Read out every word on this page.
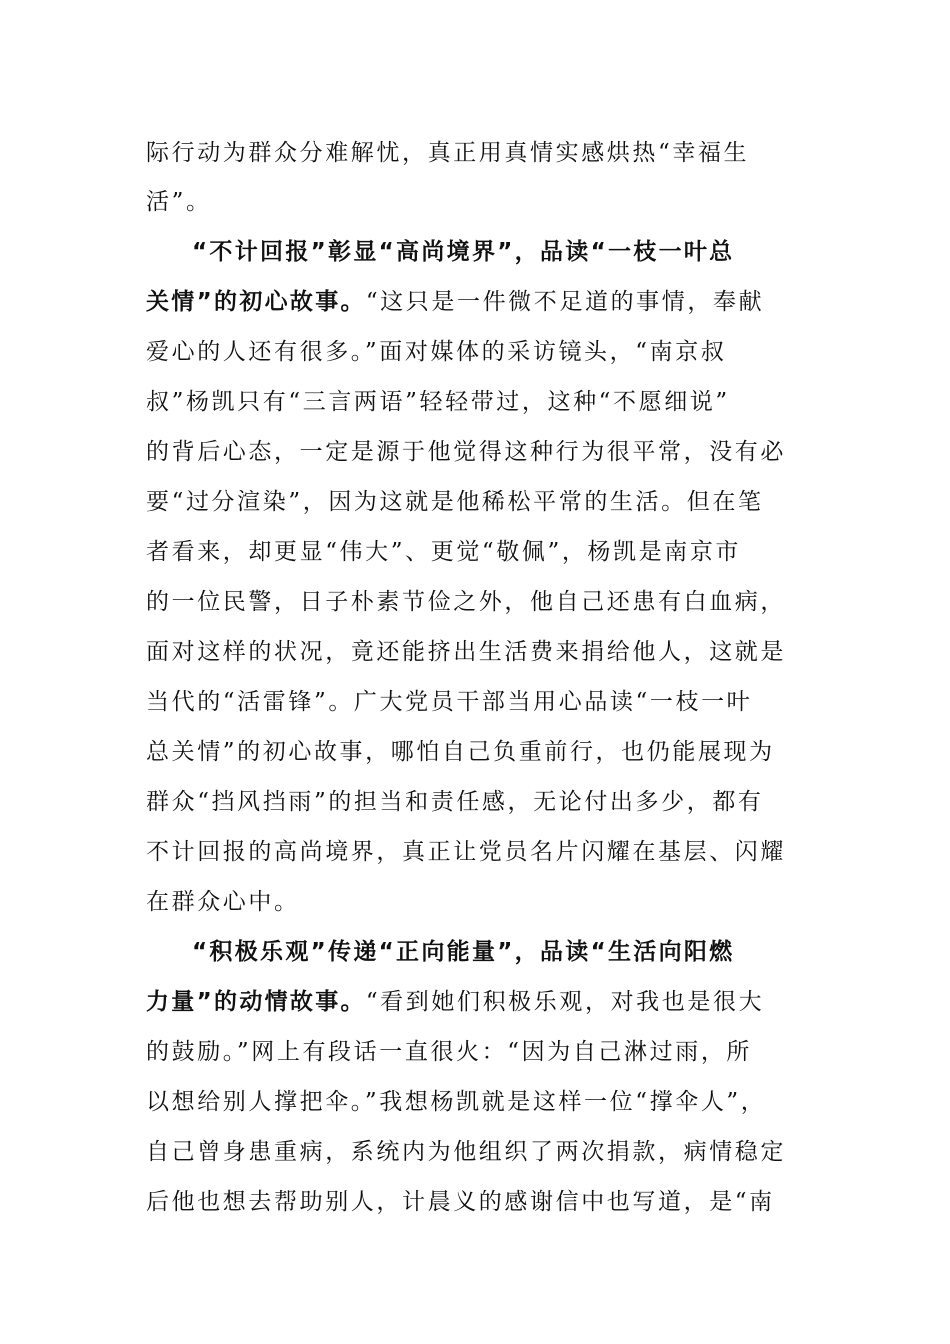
际行动为群众分难解忧，真正用真情实感烘热“幸福生
活”。
“不计回报”彰显“高尚境界”，品读“一枝一叶总
关情”的初心故事。“这只是一件微不足道的事情，奉献
爱心的人还有很多。”面对媒体的采访镜头，“南京叔
叔”杨凯只有“三言两语”轻轻带过，这种“不愿细说”
的背后心态，一定是源于他觉得这种行为很平常，没有必
要“过分渲染”，因为这就是他稀松平常的生活。但在笔
者看来，却更显“伟大”、更觉“敬佩”，杨凯是南京市
的一位民警，日子朴素节俭之外，他自己还患有白血病，
面对这样的状况，竟还能挤出生活费来捐给他人，这就是
当代的“活雷锋”。广大党员干部当用心品读“一枝一叶
总关情”的初心故事，哪怕自己负重前行，也仍能展现为
群众“挡风挡雨”的担当和责任感，无论付出多少，都有
不计回报的高尚境界，真正让党员名片闪耀在基层、闪耀
在群众心中。
“积极乐观”传递“正向能量”，品读“生活向阳燃
力量”的动情故事。“看到她们积极乐观，对我也是很大
的鼓励。”网上有段话一直很火：“因为自己淋过雨，所
以想给别人撑把伞。”我想杨凯就是这样一位“撑伞人”，
自己曾身患重病，系统内为他组织了两次捐款，病情稳定
后他也想去帮助别人，计晨义的感谢信中也写道，是“南
